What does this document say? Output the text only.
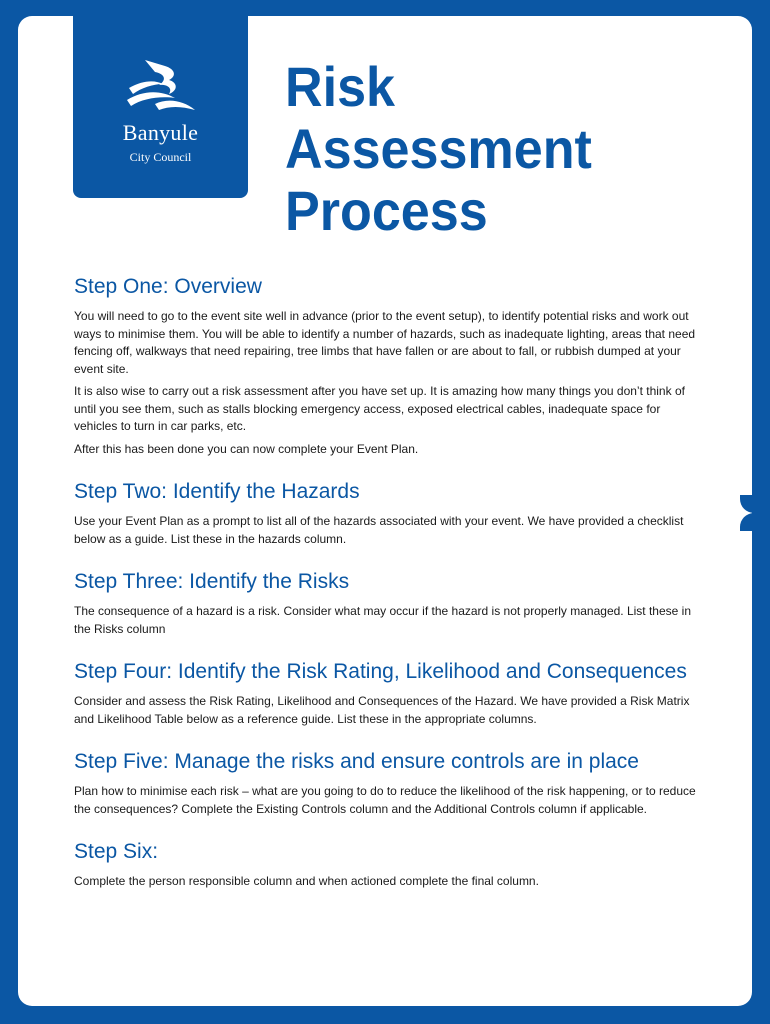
Banyule
City Council
Risk
Assessment
Process
Step One: Overview

You will need to go to the event site well in advance (prior to the event setup), to identify potential risks and work out ways to minimise them. You will be able to identify a number of hazards, such as inadequate lighting, areas that need fencing off, walkways that need repairing, tree limbs that have fallen or are about to fall, or rubbish dumped at your event site.

It is also wise to carry out a risk assessment after you have set up. It is amazing how many things you don’t think of until you see them, such as stalls blocking emergency access, exposed electrical cables, inadequate space for vehicles to turn in car parks, etc.

After this has been done you can now complete your Event Plan.

Step Two: Identify the Hazards

Use your Event Plan as a prompt to list all of the hazards associated with your event. We have provided a checklist below as a guide. List these in the hazards column.

Step Three: Identify the Risks

The consequence of a hazard is a risk. Consider what may occur if the hazard is not properly managed. List these in the Risks column

Step Four: Identify the Risk Rating, Likelihood and Consequences

Consider and assess the Risk Rating, Likelihood and Consequences of the Hazard. We have provided a Risk Matrix and Likelihood Table below as a reference guide. List these in the appropriate columns.

Step Five: Manage the risks and ensure controls are in place

Plan how to minimise each risk – what are you going to do to reduce the likelihood of the risk happening, or to reduce the consequences? Complete the Existing Controls column and the Additional Controls column if applicable.

Step Six:

Complete the person responsible column and when actioned complete the final column.
